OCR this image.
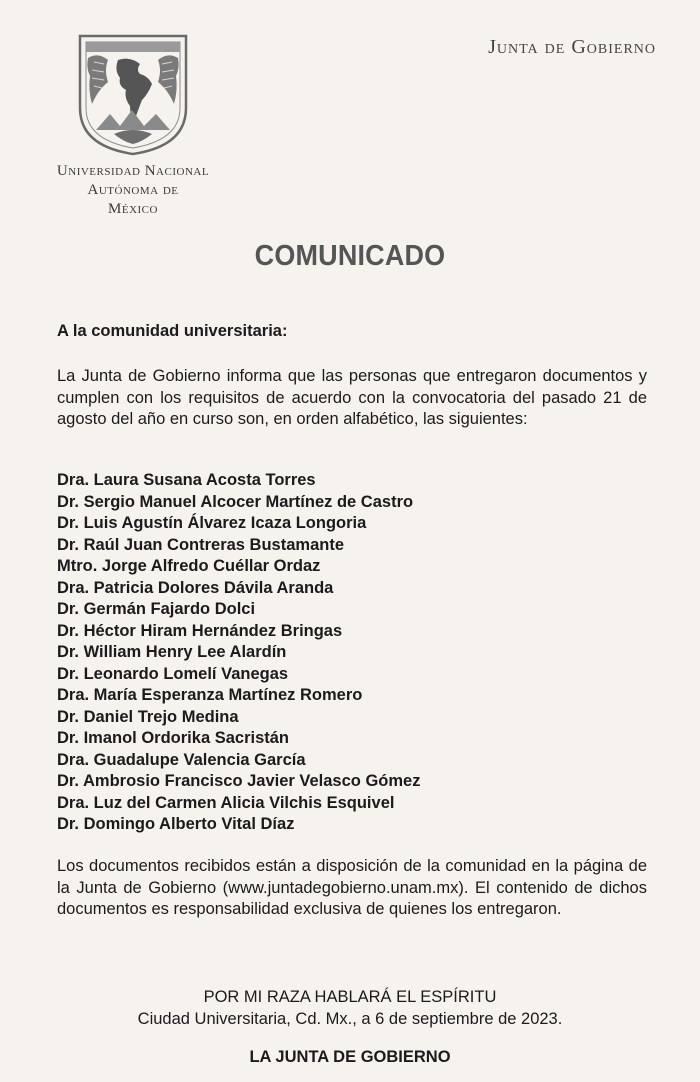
Universidad Nacional
Autónoma de
México
Junta de Gobierno
COMUNICADO
A la comunidad universitaria:
La Junta de Gobierno informa que las personas que entregaron documentos y cumplen con los requisitos de acuerdo con la convocatoria del pasado 21 de agosto del año en curso son, en orden alfabético, las siguientes:
Dra. Laura Susana Acosta Torres
Dr. Sergio Manuel Alcocer Martínez de Castro
Dr. Luis Agustín Álvarez Icaza Longoria
Dr. Raúl Juan Contreras Bustamante
Mtro. Jorge Alfredo Cuéllar Ordaz
Dra. Patricia Dolores Dávila Aranda
Dr. Germán Fajardo Dolci
Dr. Héctor Hiram Hernández Bringas
Dr. William Henry Lee Alardín
Dr. Leonardo Lomelí Vanegas
Dra. María Esperanza Martínez Romero
Dr. Daniel Trejo Medina
Dr. Imanol Ordorika Sacristán
Dra. Guadalupe Valencia García
Dr. Ambrosio Francisco Javier Velasco Gómez
Dra. Luz del Carmen Alicia Vilchis Esquivel
Dr. Domingo Alberto Vital Díaz
Los documentos recibidos están a disposición de la comunidad en la página de la Junta de Gobierno (www.juntadegobierno.unam.mx). El contenido de dichos documentos es responsabilidad exclusiva de quienes los entregaron.
POR MI RAZA HABLARÁ EL ESPÍRITU
Ciudad Universitaria, Cd. Mx., a 6 de septiembre de 2023.
LA JUNTA DE GOBIERNO
